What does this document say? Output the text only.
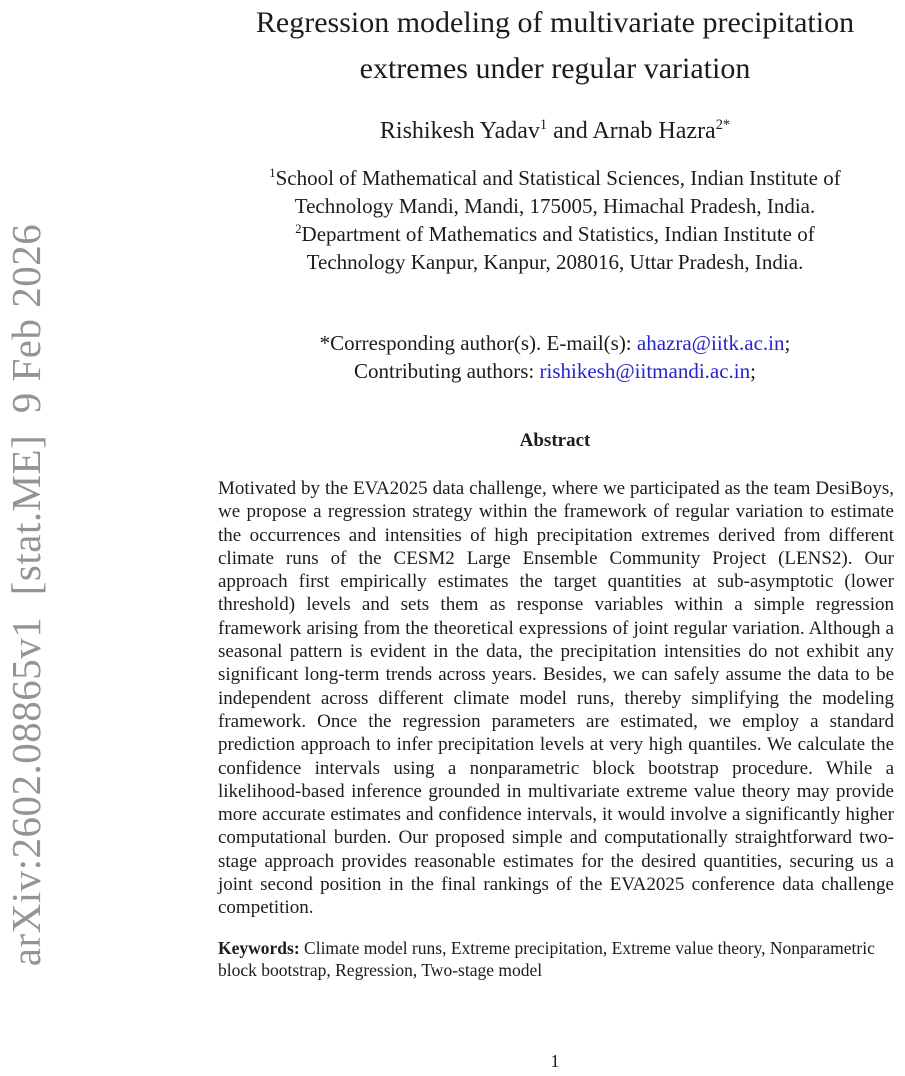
arXiv:2602.08865v1  [stat.ME]  9 Feb 2026
Regression modeling of multivariate precipitation
extremes under regular variation
Rishikesh Yadav$^1$ and Arnab Hazra$^{2*}$
$^1$School of Mathematical and Statistical Sciences, Indian Institute of
Technology Mandi, Mandi, 175005, Himachal Pradesh, India.
$^2$Department of Mathematics and Statistics, Indian Institute of
Technology Kanpur, Kanpur, 208016, Uttar Pradesh, India.
*Corresponding author(s). E-mail(s): ahazra@iitk.ac.in;
Contributing authors: rishikesh@iitmandi.ac.in;
Abstract

Motivated by the EVA2025 data challenge, where we participated as the team DesiBoys, we propose a regression strategy within the framework of regular variation to estimate the occurrences and intensities of high precipitation extremes derived from different climate runs of the CESM2 Large Ensemble Community Project (LENS2). Our approach first empirically estimates the target quantities at sub-asymptotic (lower threshold) levels and sets them as response variables within a simple regression framework arising from the theoretical expressions of joint regular variation. Although a seasonal pattern is evident in the data, the precipitation intensities do not exhibit any significant long-term trends across years. Besides, we can safely assume the data to be independent across different climate model runs, thereby simplifying the modeling framework. Once the regression parameters are estimated, we employ a standard prediction approach to infer precipitation levels at very high quantiles. We calculate the confidence intervals using a nonparametric block bootstrap procedure. While a likelihood-based inference grounded in multivariate extreme value theory may provide more accurate estimates and confidence intervals, it would involve a significantly higher computational burden. Our proposed simple and computationally straightforward two-stage approach provides reasonable estimates for the desired quantities, securing us a joint second position in the final rankings of the EVA2025 conference data challenge competition.

Keywords: Climate model runs, Extreme precipitation, Extreme value theory, Nonparametric block bootstrap, Regression, Two-stage model
1
